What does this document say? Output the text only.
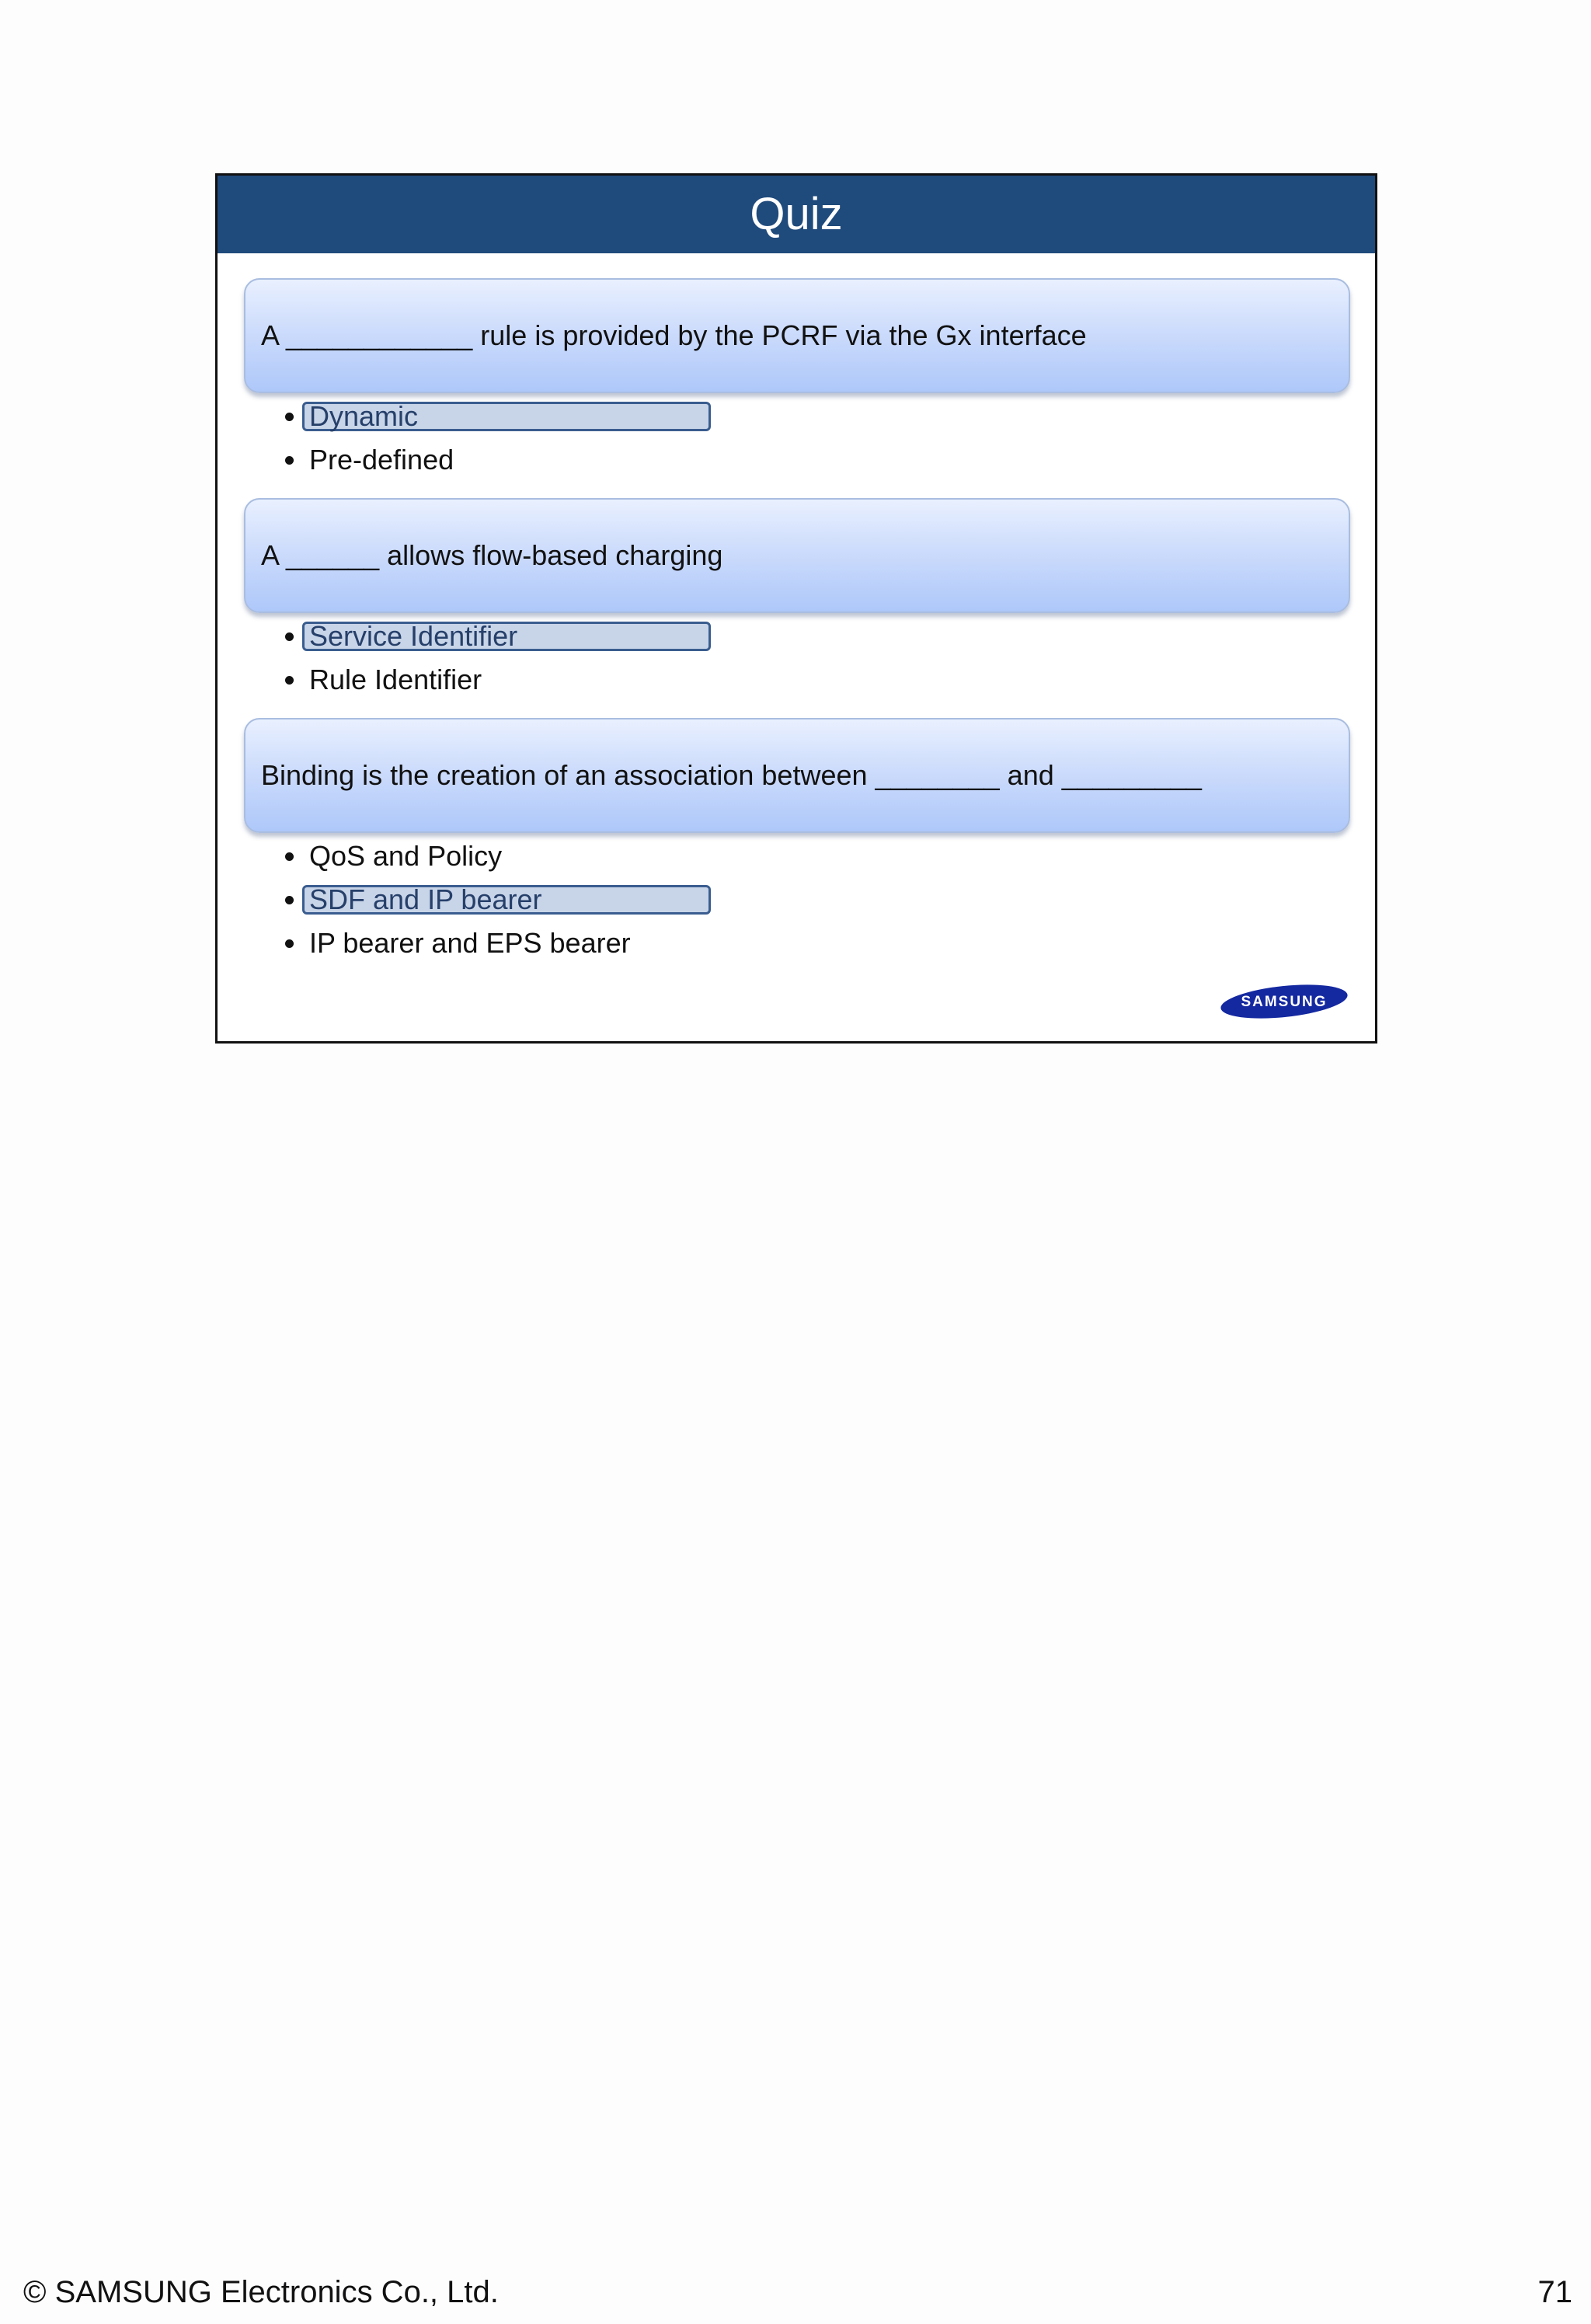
Quiz
A ____________ rule is provided by the PCRF via the Gx interface
Dynamic
Pre-defined
A ______ allows flow-based charging
Service Identifier
Rule Identifier
Binding is the creation of an association between ________ and _________
QoS and Policy
SDF and IP bearer
IP bearer and EPS bearer
SAMSUNG
© SAMSUNG Electronics Co., Ltd.	71
